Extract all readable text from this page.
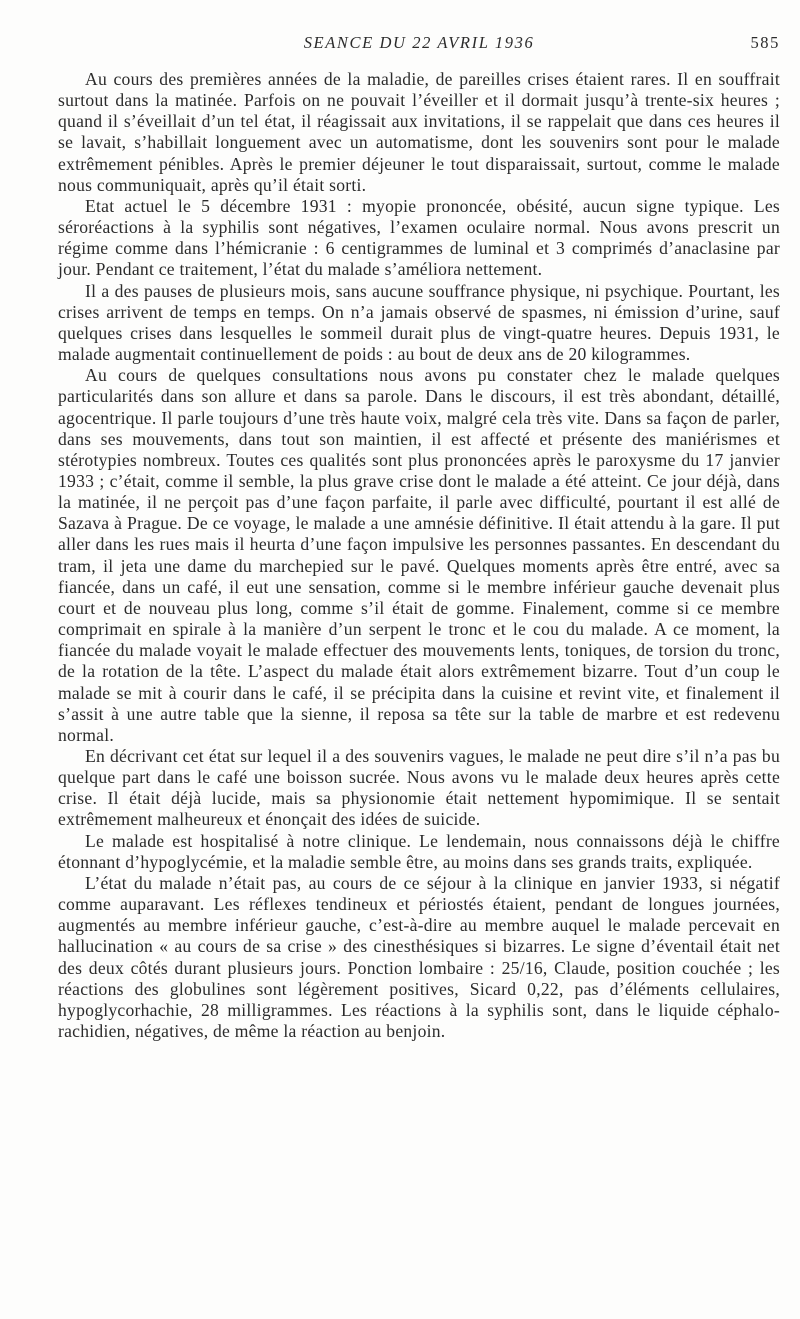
SEANCE DU 22 AVRIL 1936	585

Au cours des premières années de la maladie, de pareilles crises étaient rares. Il en souffrait surtout dans la matinée. Parfois on ne pouvait l’éveiller et il dormait jusqu’à trente-six heures ; quand il s’éveillait d’un tel état, il réagissait aux invitations, il se rappelait que dans ces heures il se lavait, s’habillait longuement avec un automatisme, dont les souvenirs sont pour le malade extrêmement pénibles. Après le premier déjeuner le tout disparaissait, surtout, comme le malade nous communiquait, après qu’il était sorti.

Etat actuel le 5 décembre 1931 : myopie prononcée, obésité, aucun signe typique. Les séroréactions à la syphilis sont négatives, l’examen oculaire normal. Nous avons prescrit un régime comme dans l’hémicranie : 6 centigrammes de luminal et 3 comprimés d’anaclasine par jour. Pendant ce traitement, l’état du malade s’améliora nettement.

Il a des pauses de plusieurs mois, sans aucune souffrance physique, ni psychique. Pourtant, les crises arrivent de temps en temps. On n’a jamais observé de spasmes, ni émission d’urine, sauf quelques crises dans lesquelles le sommeil durait plus de vingt-quatre heures. Depuis 1931, le malade augmentait continuellement de poids : au bout de deux ans de 20 kilogrammes.

Au cours de quelques consultations nous avons pu constater chez le malade quelques particularités dans son allure et dans sa parole. Dans le discours, il est très abondant, détaillé, agocentrique. Il parle toujours d’une très haute voix, malgré cela très vite. Dans sa façon de parler, dans ses mouvements, dans tout son maintien, il est affecté et présente des maniérismes et stérotypies nombreux. Toutes ces qualités sont plus prononcées après le paroxysme du 17 janvier 1933 ; c’était, comme il semble, la plus grave crise dont le malade a été atteint. Ce jour déjà, dans la matinée, il ne perçoit pas d’une façon parfaite, il parle avec difficulté, pourtant il est allé de Sazava à Prague. De ce voyage, le malade a une amnésie définitive. Il était attendu à la gare. Il put aller dans les rues mais il heurta d’une façon impulsive les personnes passantes. En descendant du tram, il jeta une dame du marchepied sur le pavé. Quelques moments après être entré, avec sa fiancée, dans un café, il eut une sensation, comme si le membre inférieur gauche devenait plus court et de nouveau plus long, comme s’il était de gomme. Finalement, comme si ce membre comprimait en spirale à la manière d’un serpent le tronc et le cou du malade. A ce moment, la fiancée du malade voyait le malade effectuer des mouvements lents, toniques, de torsion du tronc, de la rotation de la tête. L’aspect du malade était alors extrêmement bizarre. Tout d’un coup le malade se mit à courir dans le café, il se précipita dans la cuisine et revint vite, et finalement il s’assit à une autre table que la sienne, il reposa sa tête sur la table de marbre et est redevenu normal.

En décrivant cet état sur lequel il a des souvenirs vagues, le malade ne peut dire s’il n’a pas bu quelque part dans le café une boisson sucrée. Nous avons vu le malade deux heures après cette crise. Il était déjà lucide, mais sa physionomie était nettement hypomimique. Il se sentait extrêmement malheureux et énonçait des idées de suicide.

Le malade est hospitalisé à notre clinique. Le lendemain, nous connaissons déjà le chiffre étonnant d’hypoglycémie, et la maladie semble être, au moins dans ses grands traits, expliquée.

L’état du malade n’était pas, au cours de ce séjour à la clinique en janvier 1933, si négatif comme auparavant. Les réflexes tendineux et périostés étaient, pendant de longues journées, augmentés au membre inférieur gauche, c’est-à-dire au membre auquel le malade percevait en hallucination « au cours de sa crise » des cinesthésiques si bizarres. Le signe d’éventail était net des deux côtés durant plusieurs jours. Ponction lombaire : 25/16, Claude, position couchée ; les réactions des globulines sont légèrement positives, Sicard 0,22, pas d’éléments cellulaires, hypoglycorhachie, 28 milligrammes. Les réactions à la syphilis sont, dans le liquide céphalo-rachidien, négatives, de même la réaction au benjoin.
